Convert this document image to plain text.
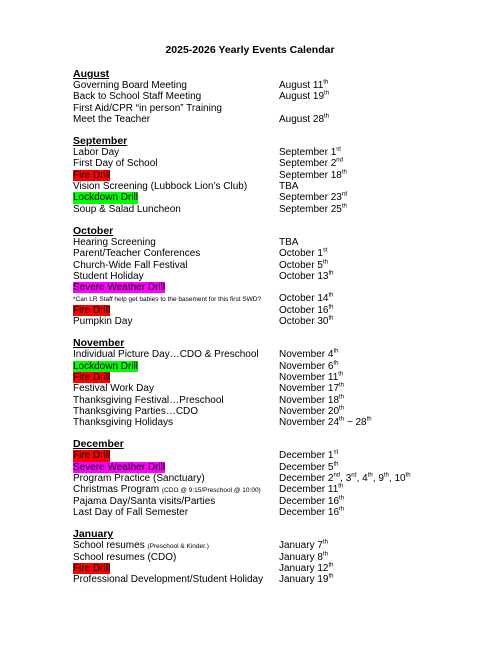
2025-2026 Yearly Events Calendar
August
Governing Board Meeting	August 11th
Back to School Staff Meeting	August 19th
First Aid/CPR “in person” Training
Meet the Teacher	August 28th
September
Labor Day	September 1st
First Day of School	September 2nd
Fire Drill	September 18th
Vision Screening (Lubbock Lion’s Club)	TBA
Lockdown Drill	September 23rd
Soup & Salad Luncheon	September 25th
October
Hearing Screening	TBA
Parent/Teacher Conferences	October 1st
Church-Wide Fall Festival	October 5th
Student Holiday	October 13th
Severe Weather Drill
*Can LR Staff help get babies to the basement for this first SWD? October 14th
Fire Drill	October 16th
Pumpkin Day	October 30th
November
Individual Picture Day…CDO & Preschool November 4th
Lockdown Drill	November 6th
Fire Drill	November 11th
Festival Work Day	November 17th
Thanksgiving Festival…Preschool	November 18th
Thanksgiving Parties…CDO	November 20th
Thanksgiving Holidays	November 24th ~ 28th
December
Fire Drill	December 1st
Severe Weather Drill	December 5th
Program Practice (Sanctuary)	December 2nd, 3rd, 4th, 9th, 10th
Christmas Program (CDO @ 9:15/Preschool @ 10:00) December 11th
Pajama Day/Santa visits/Parties	December 16th
Last Day of Fall Semester	December 16th
January
School resumes (Preschool & Kinder.)	January 7th
School resumes (CDO)	January 8th
Fire Drill	January 12th
Professional Development/Student Holiday January 19th
